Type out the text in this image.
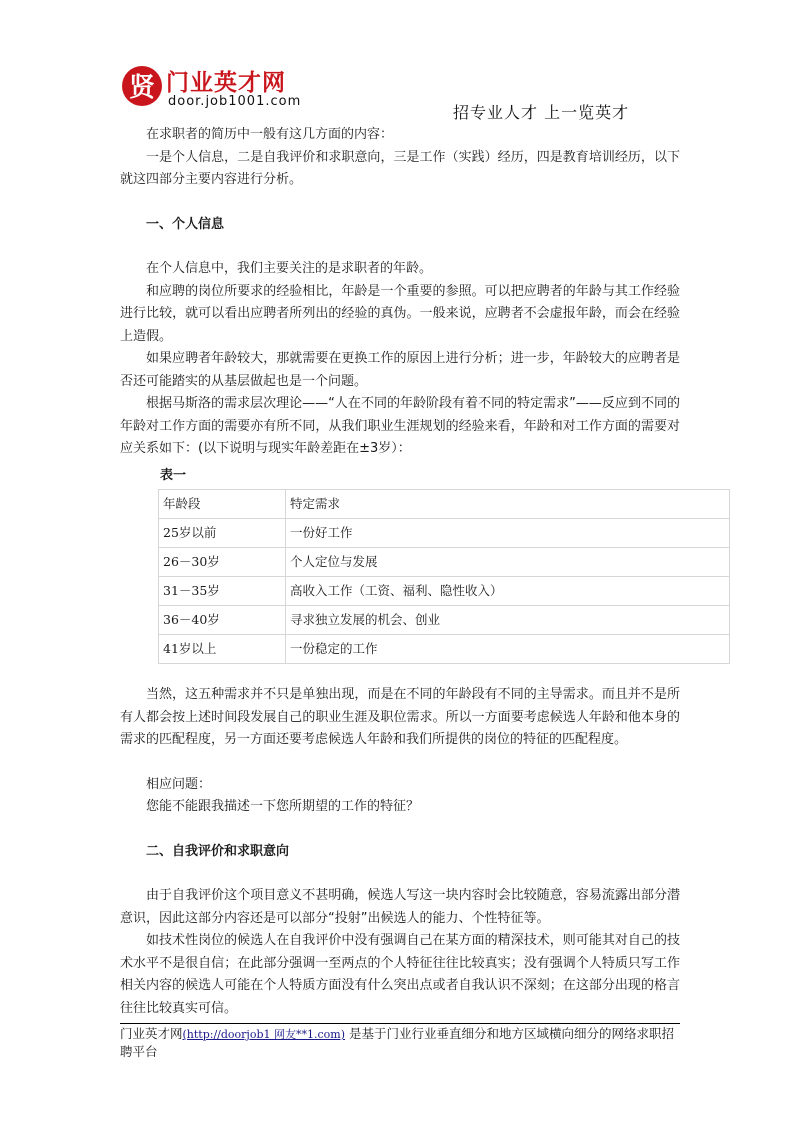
贤 门业英才网
door.job1001.com
招专业人才 上一览英才

在求职者的简历中一般有这几方面的内容：

一是个人信息，二是自我评价和求职意向，三是工作（实践）经历，四是教育培训经历，以下就这四部分主要内容进行分析。

一、个人信息

在个人信息中，我们主要关注的是求职者的年龄。

和应聘的岗位所要求的经验相比，年龄是一个重要的参照。可以把应聘者的年龄与其工作经验进行比较，就可以看出应聘者所列出的经验的真伪。一般来说，应聘者不会虚报年龄，而会在经验上造假。

如果应聘者年龄较大，那就需要在更换工作的原因上进行分析；进一步，年龄较大的应聘者是否还可能踏实的从基层做起也是一个问题。

根据马斯洛的需求层次理论——“人在不同的年龄阶段有着不同的特定需求”——反应到不同的年龄对工作方面的需要亦有所不同，从我们职业生涯规划的经验来看，年龄和对工作方面的需要对应关系如下：(以下说明与现实年龄差距在±3岁）：

表一

年龄段	特定需求
25岁以前	一份好工作
26－30岁	个人定位与发展
31－35岁	高收入工作（工资、福利、隐性收入）
36－40岁	寻求独立发展的机会、创业
41岁以上	一份稳定的工作

当然，这五种需求并不只是单独出现，而是在不同的年龄段有不同的主导需求。而且并不是所有人都会按上述时间段发展自己的职业生涯及职位需求。所以一方面要考虑候选人年龄和他本身的需求的匹配程度，另一方面还要考虑候选人年龄和我们所提供的岗位的特征的匹配程度。

相应问题：

您能不能跟我描述一下您所期望的工作的特征？

二、自我评价和求职意向

由于自我评价这个项目意义不甚明确，候选人写这一块内容时会比较随意，容易流露出部分潜意识，因此这部分内容还是可以部分“投射”出候选人的能力、个性特征等。

如技术性岗位的候选人在自我评价中没有强调自己在某方面的精深技术，则可能其对自己的技术水平不是很自信；在此部分强调一至两点的个人特征往往比较真实；没有强调个人特质只写工作相关内容的候选人可能在个人特质方面没有什么突出点或者自我认识不深刻；在这部分出现的格言往往比较真实可信。

门业英才网(http://doorjob1 网友**1.com) 是基于门业行业垂直细分和地方区域横向细分的网络求职招聘平台
